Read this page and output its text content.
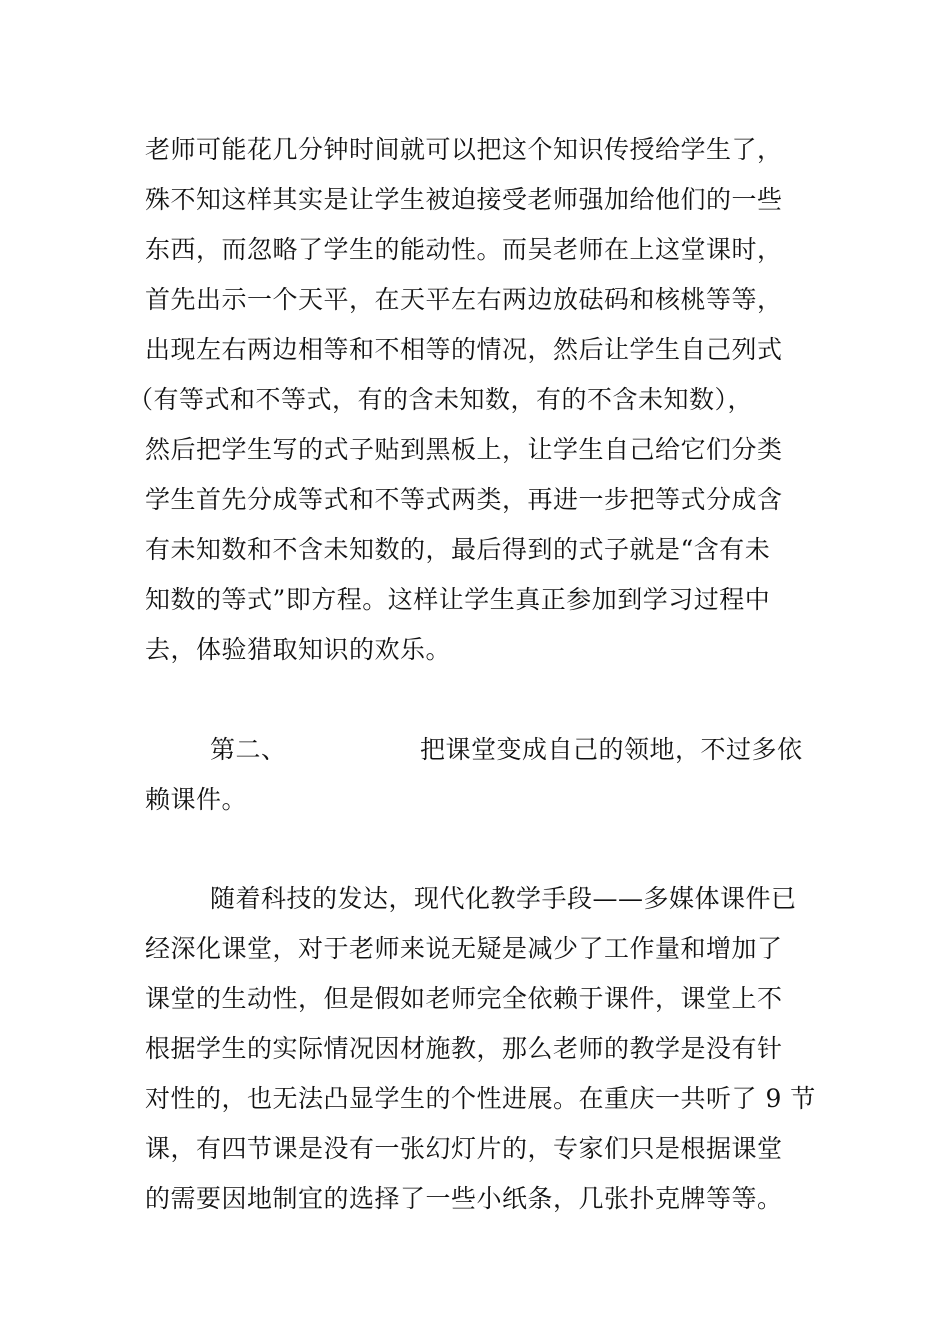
老师可能花几分钟时间就可以把这个知识传授给学生了，
殊不知这样其实是让学生被迫接受老师强加给他们的一些
东西，而忽略了学生的能动性。而吴老师在上这堂课时，
首先出示一个天平，在天平左右两边放砝码和核桃等等，
出现左右两边相等和不相等的情况，然后让学生自己列式
（有等式和不等式，有的含未知数，有的不含未知数），
然后把学生写的式子贴到黑板上，让学生自己给它们分类
学生首先分成等式和不等式两类，再进一步把等式分成含
有未知数和不含未知数的，最后得到的式子就是“含有未
知数的等式”即方程。这样让学生真正参加到学习过程中
去，体验猎取知识的欢乐。
第二、	把课堂变成自己的领地，不过多依
赖课件。
随着科技的发达，现代化教学手段——多媒体课件已
经深化课堂，对于老师来说无疑是减少了工作量和增加了
课堂的生动性，但是假如老师完全依赖于课件，课堂上不
根据学生的实际情况因材施教，那么老师的教学是没有针
对性的，也无法凸显学生的个性进展。在重庆一共听了 9 节
课，有四节课是没有一张幻灯片的，专家们只是根据课堂
的需要因地制宜的选择了一些小纸条，几张扑克牌等等。
